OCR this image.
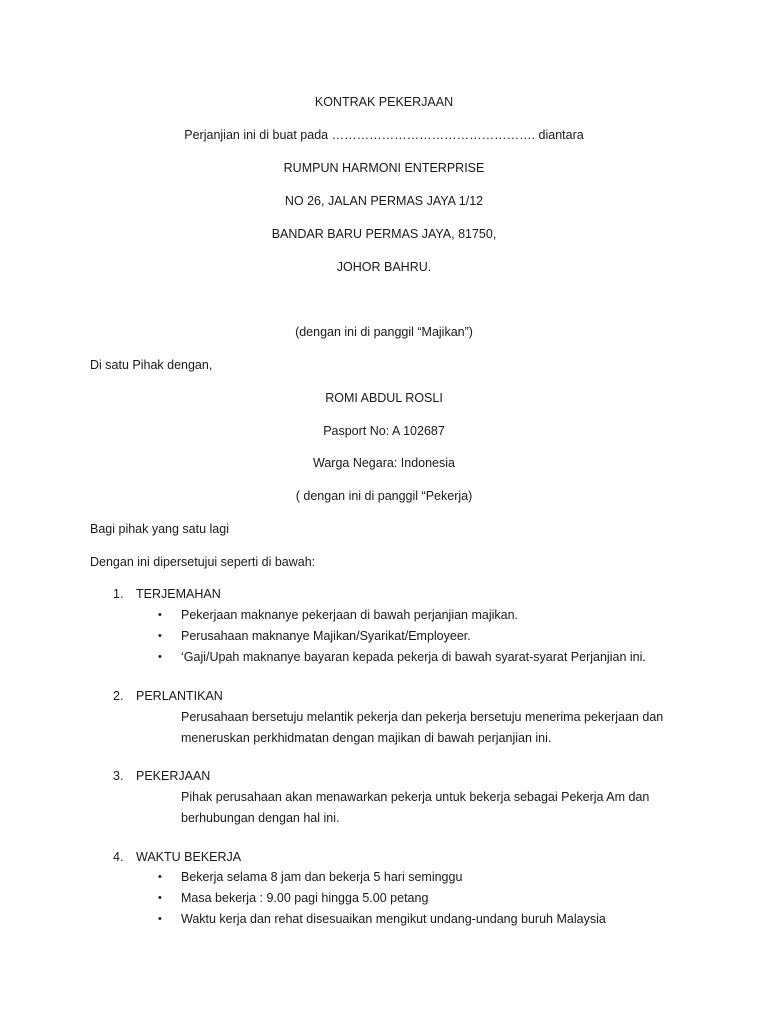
KONTRAK PEKERJAAN
Perjanjian ini di buat pada …………………………………………. diantara
RUMPUN HARMONI ENTERPRISE
NO 26, JALAN PERMAS JAYA 1/12
BANDAR BARU PERMAS JAYA, 81750,
JOHOR BAHRU.
(dengan ini di panggil “Majikan”)
Di satu Pihak dengan,
ROMI ABDUL ROSLI
Pasport No: A 102687
Warga Negara: Indonesia
( dengan ini di panggil “Pekerja)
Bagi pihak yang satu lagi
Dengan ini dipersetujui seperti di bawah:
1. TERJEMAHAN
• Pekerjaan maknanye pekerjaan di bawah perjanjian majikan.
• Perusahaan maknanye Majikan/Syarikat/Employeer.
• ‘Gaji/Upah maknanye bayaran kepada pekerja di bawah syarat-syarat Perjanjian ini.
2. PERLANTIKAN
Perusahaan bersetuju melantik pekerja dan pekerja bersetuju menerima pekerjaan dan
meneruskan perkhidmatan dengan majikan di bawah perjanjian ini.
3. PEKERJAAN
Pihak perusahaan akan menawarkan pekerja untuk bekerja sebagai Pekerja Am dan
berhubungan dengan hal ini.
4. WAKTU BEKERJA
• Bekerja selama 8 jam dan bekerja 5 hari seminggu
• Masa bekerja : 9.00 pagi hingga 5.00 petang
• Waktu kerja dan rehat disesuaikan mengikut undang-undang buruh Malaysia
